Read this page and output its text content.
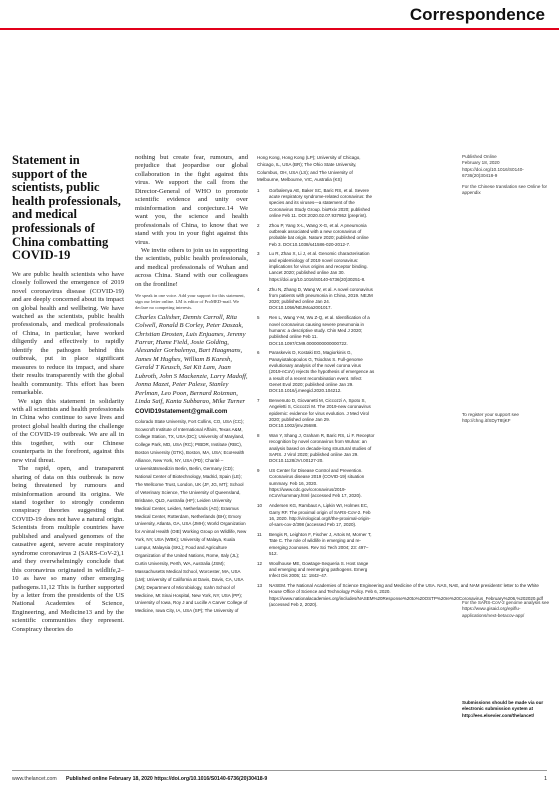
Correspondence
Statement in support of the scientists, public health professionals, and medical professionals of China combatting COVID-19

We are public health scientists who have closely followed the emergence of 2019 novel coronavirus disease (COVID-19) and are deeply concerned about its impact on global health and wellbeing. We have watched as the scientists, public health professionals, and medical professionals of China, in particular, have worked diligently and effectively to rapidly identify the pathogen behind this outbreak, put in place significant measures to reduce its impact, and share their results transparently with the global health community. This effort has been remarkable.

We sign this statement in solidarity with all scientists and health professionals in China who continue to save lives and protect global health during the challenge of the COVID-19 outbreak. We are all in this together, with our Chinese counterparts in the forefront, against this new viral threat.

The rapid, open, and transparent sharing of data on this outbreak is now being threatened by rumours and misinformation around its origins. We stand together to strongly condemn conspiracy theories suggesting that COVID-19 does not have a natural origin. Scientists from multiple countries have published and analysed genomes of the causative agent, severe acute respiratory syndrome coronavirus 2 (SARS-CoV-2),1 and they overwhelmingly conclude that this coronavirus originated in wildlife,2–10 as have so many other emerging pathogens.11,12 This is further supported by a letter from the presidents of the US National Academies of Science, Engineering, and Medicine13 and by the scientific communities they represent. Conspiracy theories do

nothing but create fear, rumours, and prejudice that jeopardise our global collaboration in the fight against this virus. We support the call from the Director-General of WHO to promote scientific evidence and unity over misinformation and conjecture.14 We want you, the science and health professionals of China, to know that we stand with you in your fight against this virus.

We invite others to join us in supporting the scientists, public health professionals, and medical professionals of Wuhan and across China. Stand with our colleagues on the frontline!

We speak in one voice. Add your support for this statement, sign our letter online. LM is editor of ProMED-mail. We declare no competing interests.

Charles Calisher, Dennis Carroll, Rita Colwell, Ronald B Corley, Peter Daszak, Christian Drosten, Luis Enjuanes, Jeremy Farrar, Hume Field, Josie Golding, Alexander Gorbalenya, Bart Haagmans, James M Hughes, William B Karesh, Gerald T Keusch, Sai Kit Lam, Juan Lubroth, John S Mackenzie, Larry Madoff, Jonna Mazet, Peter Palese, Stanley Perlman, Leo Poon, Bernard Roizman, Linda Saif, Kanta Subbarao, Mike Turner

COVID19statement@gmail.com

Colorado State University, Fort Collins, CO, USA (CC); Scowcroft Institute of International Affairs, Texas A&M, College Station, TX, USA (DC); University of Maryland, College Park, MD, USA (RC); PIBDR, Institute (RBC), Boston University (GTK), Boston, MA, USA; EcoHealth Alliance, New York, NY, USA (PD); Charité – Universitätsmedizin Berlin, Berlin, Germany (CD); National Center of Biotechnology, Madrid, Spain (LE); The Wellcome Trust, London, UK (JF, JG, MT); School of Veterinary Science, The University of Queensland, Brisbane, QLD, Australia (HF); Leiden University Medical Center, Leiden, Netherlands (AG); Erasmus Medical Center, Rotterdam, Netherlands (BH); Emory University, Atlanta, GA, USA (JMH); World Organization for Animal Health (OIE) Working Group on Wildlife, New York, NY, USA (WBK); University of Malaya, Kuala Lumpur, Malaysia (SKL); Food and Agriculture Organization of the United Nations, Rome, Italy (JL); Curtin University, Perth, WA, Australia (JSM); Massachusetts Medical School, Worcester, MA, USA (LM); University of California at Davis, Davis, CA, USA (JM); Department of Microbiology, Icahn School of Medicine, Mt Sinai Hospital, New York, NY, USA (PP); University of Iowa, Roy J and Lucille A Carver College of Medicine, Iowa City, IA, USA (SP); The University of

Hong Kong, Hong Kong (LP); University of Chicago, Chicago, IL, USA (BR); The Ohio State University, Columbus, OH, USA (LS); and The University of Melbourne, Melbourne, VIC, Australia (KS)

1	Gorbalenya AE, Baker SC, Baric RS, et al. Severe acute respiratory syndrome-related coronavirus: the species and its viruses—a statement of the Coronavirus Study Group. bioRxiv 2020; published online Feb 11. DOI:2020.02.07.937862 (preprint).
2	Zhou P, Yang X-L, Wang X-G, et al. A pneumonia outbreak associated with a new coronavirus of probable bat origin. Nature 2020; published online Feb 3. DOI:10.1038/s41586-020-2012-7.
3	Lu R, Zhao X, Li J, et al. Genomic characterisation and epidemiology of 2019 novel coronavirus: implications for virus origins and receptor binding. Lancet 2020; published online Jan 30. https://doi.org/10.1016/S0140-6736(20)30251-8.
4	Zhu N, Zhang D, Wang W, et al. A novel coronavirus from patients with pneumonia in China, 2019. NEJM 2020; published online Jan 24. DOI:10.1056/NEJMoa2001017.
5	Ren L, Wang Y-M, Wu Z-Q, et al. Identification of a novel coronavirus causing severe pneumonia in humans: a descriptive study. Chin Med J 2020; published online Feb 11. DOI:10.1097/CM9.0000000000000722.
6	Paraskevis D, Kostaki EG, Magiorkinis G, Panayiotakopoulos G, Tsiodras S. Full-genome evolutionary analysis of the novel corona virus (2019-nCoV) rejects the hypothesis of emergence as a result of a recent recombination event. Infect Genet Evol 2020; published online Jan 29. DOI:10.1016/j.meegid.2020.104212.
7	Benvenuto D, Giovanetti M, Ciccozzi A, Spoto S, Angeletti S, Ciccozzi M. The 2019-new coronavirus epidemic: evidence for virus evolution. J Med Virol 2020; published online Jan 29. DOI:10.1002/jmv.25688.
8	Wan Y, Shang J, Graham R, Baric RS, Li F. Receptor recognition by novel coronavirus from Wuhan: an analysis based on decade-long structural studies of SARS. J Virol 2020; published online Jan 29. DOI:10.1128/JVI.00127-20.
9	US Center for Disease Control and Prevention. Coronavirus disease 2019 (COVID-19) situation summary. Feb 16, 2020. https://www.cdc.gov/coronavirus/2019-nCoV/summary.html (accessed Feb 17, 2020).
10	Andersen KG, Rambaut A, Lipkin WI, Holmes EC, Garry RF. The proximal origin of SARS-CoV-2. Feb 16, 2020. http://virological.org/t/the-proximal-origin-of-sars-cov-2/398 (accessed Feb 17, 2020).
11	Bengis R, Leighton F, Fischer J, Artois M, Morner T, Tate C. The role of wildlife in emerging and re-emerging zoonoses. Rev Sci Tech 2004; 23: 497–512.
12	Woolhouse ME, Gowtage-Sequeria S. Host range and emerging and reemerging pathogens. Emerg Infect Dis 2005; 11: 1842–47.
13	NASEM. The National Academies of Science Engineering and Medicine of the USA. NAS, NAE, and NAM presidents' letter to the White House Office of Science and Technology Policy. Feb 6, 2020. https://www.nationalacademies.org/includes/NASEM%20Response%20to%20OSTP%20re%20Coronavirus_February%206,%202020.pdf (accessed Feb 2, 2020).
Published Online
February 18, 2020
https://doi.org/10.1016/S0140-6736(20)30418-9
For the Chinese translation see Online for appendix
To register your support see http://chng.it/SDyT8tjKF
For the SARS-CoV-2 genome analysis see https://www.gisaid.org/epiflu-applications/next-betacov-app/
Submissions should be made via our electronic submission system at http://ees.elsevier.com/thelancet/
www.thelancet.com Published online February 18, 2020 https://doi.org/10.1016/S0140-6736(20)30418-9	1
